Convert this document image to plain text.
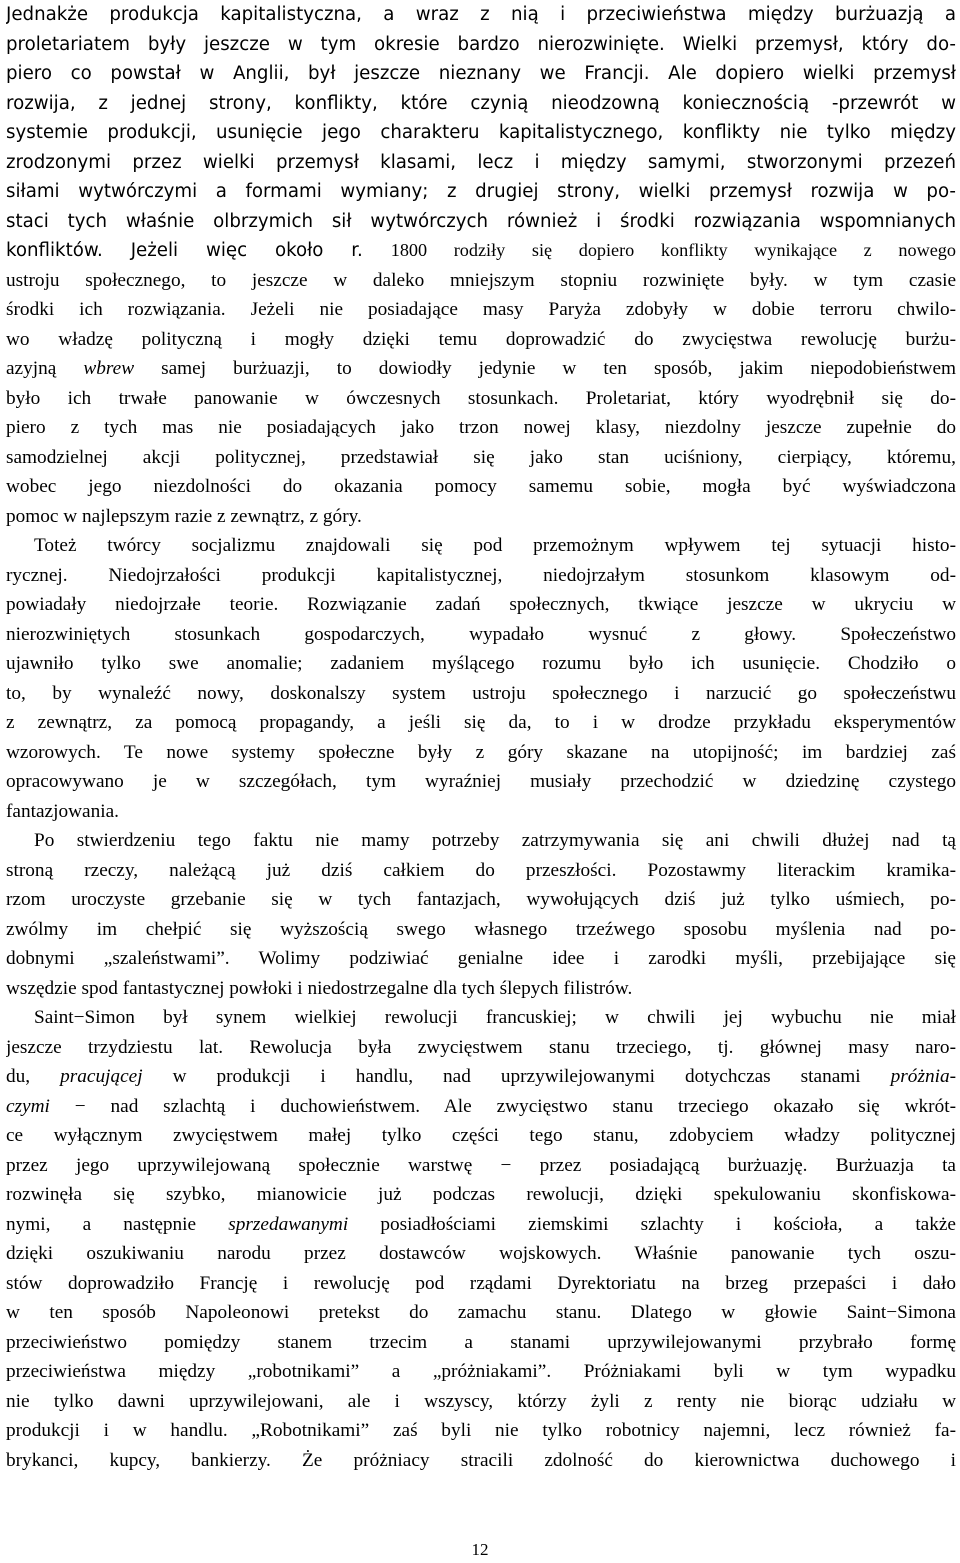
Jednakże produkcja kapitalistyczna, a wraz z nią i przeciwieństwa między burżuazją a
proletariatem były jeszcze w tym okresie bardzo nierozwinięte. Wielki przemysł, który do-
piero co powstał w Anglii, był jeszcze nieznany we Francji. Ale dopiero wielki przemysł
rozwija, z jednej strony, konflikty, które czynią nieodzowną koniecznością -przewrót w
systemie produkcji, usunięcie jego charakteru kapitalistycznego, konflikty nie tylko między
zrodzonymi przez wielki przemysł klasami, lecz i między samymi, stworzonymi przezeń
siłami wytwórczymi a formami wymiany; z drugiej strony, wielki przemysł rozwija w po-
staci tych właśnie olbrzymich sił wytwórczych również i środki rozwiązania wspomnianych
konfliktów. Jeżeli więc około r. 1800 rodziły się dopiero konflikty wynikające z nowego
ustroju społecznego, to jeszcze w daleko mniejszym stopniu rozwinięte były. w tym czasie
środki ich rozwiązania. Jeżeli nie posiadające masy Paryża zdobyły w dobie terroru chwilo-
wo władzę polityczną i mogły dzięki temu doprowadzić do zwycięstwa rewolucję burżu-
azyjną wbrew samej burżuazji, to dowiodły jedynie w ten sposób, jakim niepodobieństwem
było ich trwałe panowanie w ówczesnych stosunkach. Proletariat, który wyodrębnił się do-
piero z tych mas nie posiadających jako trzon nowej klasy, niezdolny jeszcze zupełnie do
samodzielnej akcji politycznej, przedstawiał się jako stan uciśniony, cierpiący, któremu,
wobec jego niezdolności do okazania pomocy samemu sobie, mogła być wyświadczona
pomoc w najlepszym razie z zewnątrz, z góry.
Toteż twórcy socjalizmu znajdowali się pod przemożnym wpływem tej sytuacji histo-
rycznej. Niedojrzałości produkcji kapitalistycznej, niedojrzałym stosunkom klasowym od-
powiadały niedojrzałe teorie. Rozwiązanie zadań społecznych, tkwiące jeszcze w ukryciu w
nierozwiniętych stosunkach gospodarczych, wypadało wysnuć z głowy. Społeczeństwo
ujawniło tylko swe anomalie; zadaniem myślącego rozumu było ich usunięcie. Chodziło o
to, by wynaleźć nowy, doskonalszy system ustroju społecznego i narzucić go społeczeństwu
z zewnątrz, za pomocą propagandy, a jeśli się da, to i w drodze przykładu eksperymentów
wzorowych. Te nowe systemy społeczne były z góry skazane na utopijność; im bardziej zaś
opracowywano je w szczegółach, tym wyraźniej musiały przechodzić w dziedzinę czystego
fantazjowania.
Po stwierdzeniu tego faktu nie mamy potrzeby zatrzymywania się ani chwili dłużej nad tą
stroną rzeczy, należącą już dziś całkiem do przeszłości. Pozostawmy literackim kramika-
rzom uroczyste grzebanie się w tych fantazjach, wywołujących dziś już tylko uśmiech, po-
zwólmy im chełpić się wyższością swego własnego trzeźwego sposobu myślenia nad po-
dobnymi „szaleństwami”. Wolimy podziwiać genialne idee i zarodki myśli, przebijające się
wszędzie spod fantastycznej powłoki i niedostrzegalne dla tych ślepych filistrów.
Saint−Simon był synem wielkiej rewolucji francuskiej; w chwili jej wybuchu nie miał
jeszcze trzydziestu lat. Rewolucja była zwycięstwem stanu trzeciego, tj. głównej masy naro-
du, pracującej w produkcji i handlu, nad uprzywilejowanymi dotychczas stanami próżnia-
czymi − nad szlachtą i duchowieństwem. Ale zwycięstwo stanu trzeciego okazało się wkrót-
ce wyłącznym zwycięstwem małej tylko części tego stanu, zdobyciem władzy politycznej
przez jego uprzywilejowaną społecznie warstwę − przez posiadającą burżuazję. Burżuazja ta
rozwinęła się szybko, mianowicie już podczas rewolucji, dzięki spekulowaniu skonfiskowa-
nymi, a następnie sprzedawanymi posiadłościami ziemskimi szlachty i kościoła, a także
dzięki oszukiwaniu narodu przez dostawców wojskowych. Właśnie panowanie tych oszu-
stów doprowadziło Francję i rewolucję pod rządami Dyrektoriatu na brzeg przepaści i dało
w ten sposób Napoleonowi pretekst do zamachu stanu. Dlatego w głowie Saint−Simona
przeciwieństwo pomiędzy stanem trzecim a stanami uprzywilejowanymi przybrało formę
przeciwieństwa między „robotnikami” a „próżniakami”. Próżniakami byli w tym wypadku
nie tylko dawni uprzywilejowani, ale i wszyscy, którzy żyli z renty nie biorąc udziału w
produkcji i w handlu. „Robotnikami” zaś byli nie tylko robotnicy najemni, lecz również fa-
brykanci, kupcy, bankierzy. Że próżniacy stracili zdolność do kierownictwa duchowego i
12
